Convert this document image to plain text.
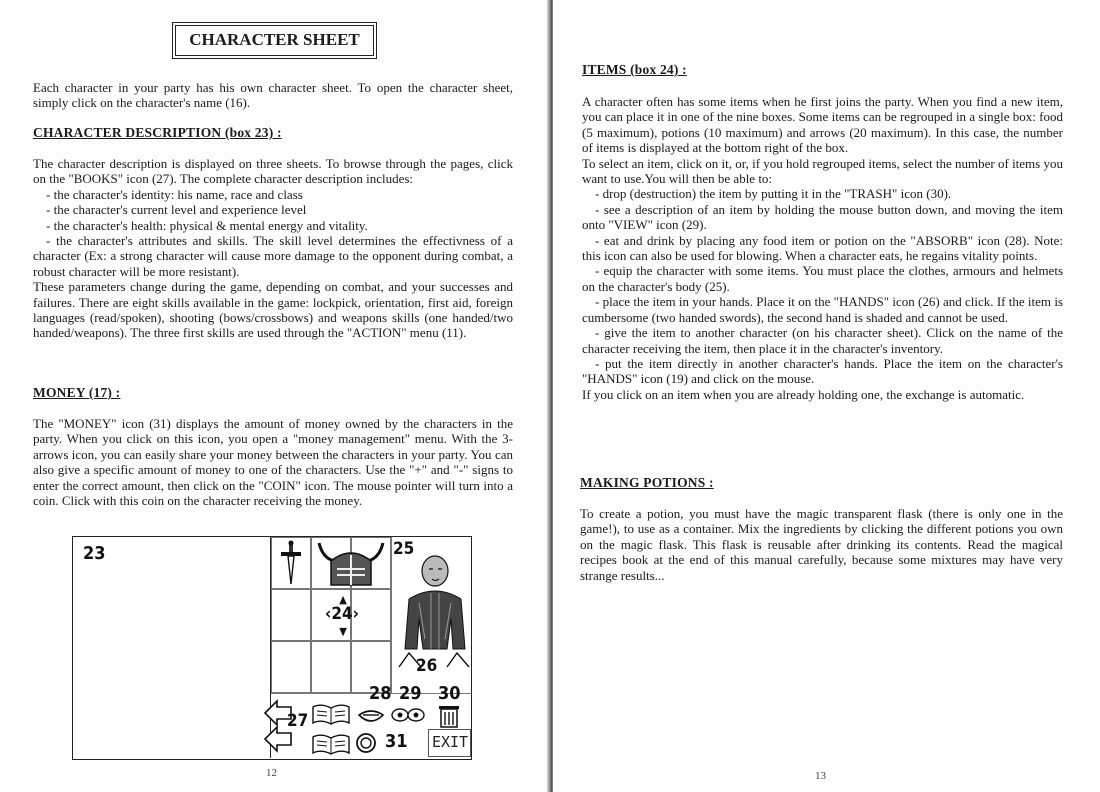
CHARACTER SHEET
Each character in your party has his own character sheet. To open the character sheet, simply click on the character's name (16).
CHARACTER DESCRIPTION (box 23) :

The character description is displayed on three sheets. To browse through the pages, click on the "BOOKS" icon (27). The complete character description includes:

- the character's identity: his name, race and class

- the character's current level and experience level

- the character's health: physical & mental energy and vitality.

- the character's attributes and skills. The skill level determines the effectivness of a character (Ex: a strong character will cause more damage to the opponent during combat, a robust character will be more resistant).

These parameters change during the game, depending on combat, and your successes and failures. There are eight skills available in the game: lockpick, orientation, first aid, foreign languages (read/spoken), shooting (bows/crossbows) and weapons skills (one handed/two handed/weapons). The three first skills are used through the "ACTION" menu (11).

MONEY (17) :
The "MONEY" icon (31) displays the amount of money owned by the characters in the party. When you click on this icon, you open a "money management" menu. With the 3-arrows icon, you can easily share your money between the characters in your party. You can also give a specific amount of money to one of the characters. Use the "+" and "-" signs to enter the correct amount, then click on the "COIN" icon. The mouse pointer will turn into a coin. Click with this coin on the character receiving the money.
23
▲
‹24›
▼
25
26
27
28
31
29 30
EXIT
12
ITEMS (box 24) :

A character often has some items when he first joins the party. When you find a new item, you can place it in one of the nine boxes. Some items can be regrouped in a single box: food (5 maximum), potions (10 maximum) and arrows (20 maximum). In this case, the number of items is displayed at the bottom right of the box.

To select an item, click on it, or, if you hold regrouped items, select the number of items you want to use.You will then be able to:

- drop (destruction) the item by putting it in the "TRASH" icon (30).

- see a description of an item by holding the mouse button down, and moving the item onto "VIEW" icon (29).

- eat and drink by placing any food item or potion on the "ABSORB" icon (28). Note: this icon can also be used for blowing. When a character eats, he regains vitality points.

- equip the character with some items. You must place the clothes, armours and helmets on the character's body (25).

- place the item in your hands. Place it on the "HANDS" icon (26) and click. If the item is cumbersome (two handed swords), the second hand is shaded and cannot be used.

- give the item to another character (on his character sheet). Click on the name of the character receiving the item, then place it in the character's inventory.

- put the item directly in another character's hands. Place the item on the character's "HANDS" icon (19) and click on the mouse.

If you click on an item when you are already holding one, the exchange is automatic.

MAKING POTIONS :
To create a potion, you must have the magic transparent flask (there is only one in the game!), to use as a container. Mix the ingredients by clicking the different potions you own on the magic flask. This flask is reusable after drinking its contents. Read the magical recipes book at the end of this manual carefully, because some mixtures may have very strange results...
13
